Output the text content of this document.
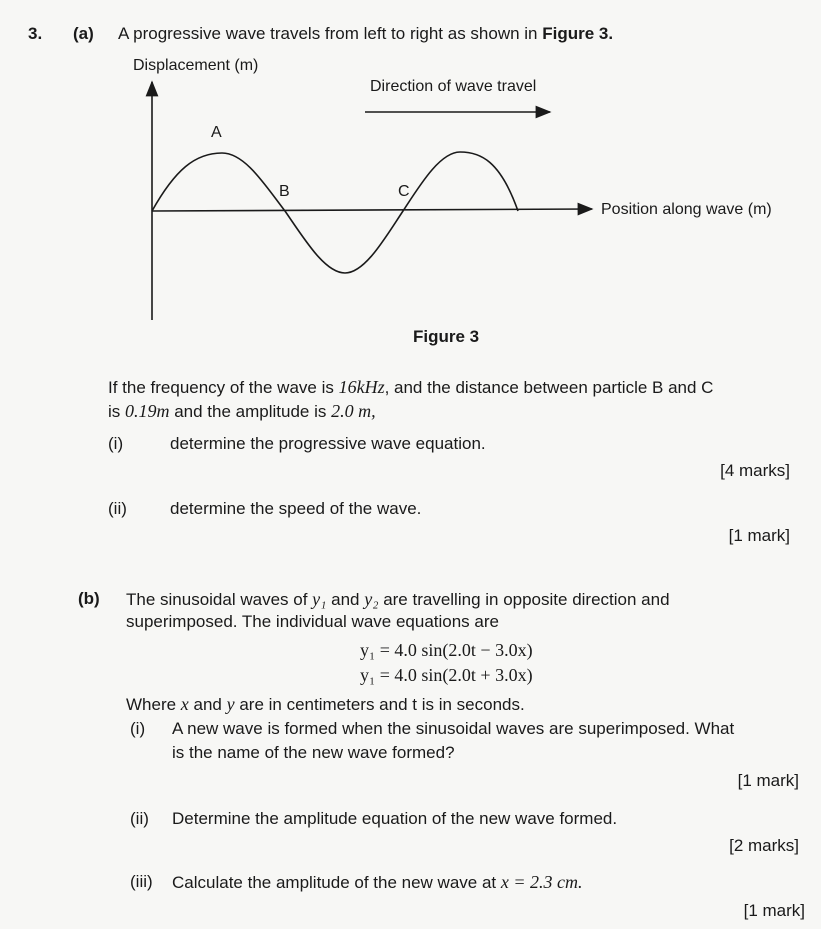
3. (a) A progressive wave travels from left to right as shown in Figure 3.
Displacement (m)
Direction of wave travel
A
B	C
Position along wave (m)
Figure 3
If the frequency of the wave is 16kHz, and the distance between particle B and C
is 0.19m and the amplitude is 2.0 m,
(i)	determine the progressive wave equation.
[4 marks]
(ii)	determine the speed of the wave.
[1 mark]
(b) The sinusoidal waves of y₁ and y₂ are travelling in opposite direction and
superimposed. The individual wave equations are
y₁ = 4.0 sin(2.0t − 3.0x)
y₁ = 4.0 sin(2.0t + 3.0x)
Where x and y are in centimeters and t is in seconds.
(i) A new wave is formed when the sinusoidal waves are superimposed. What
is the name of the new wave formed?
[1 mark]
(ii) Determine the amplitude equation of the new wave formed.
[2 marks]
(iii) Calculate the amplitude of the new wave at x = 2.3 cm.
[1 mark]
